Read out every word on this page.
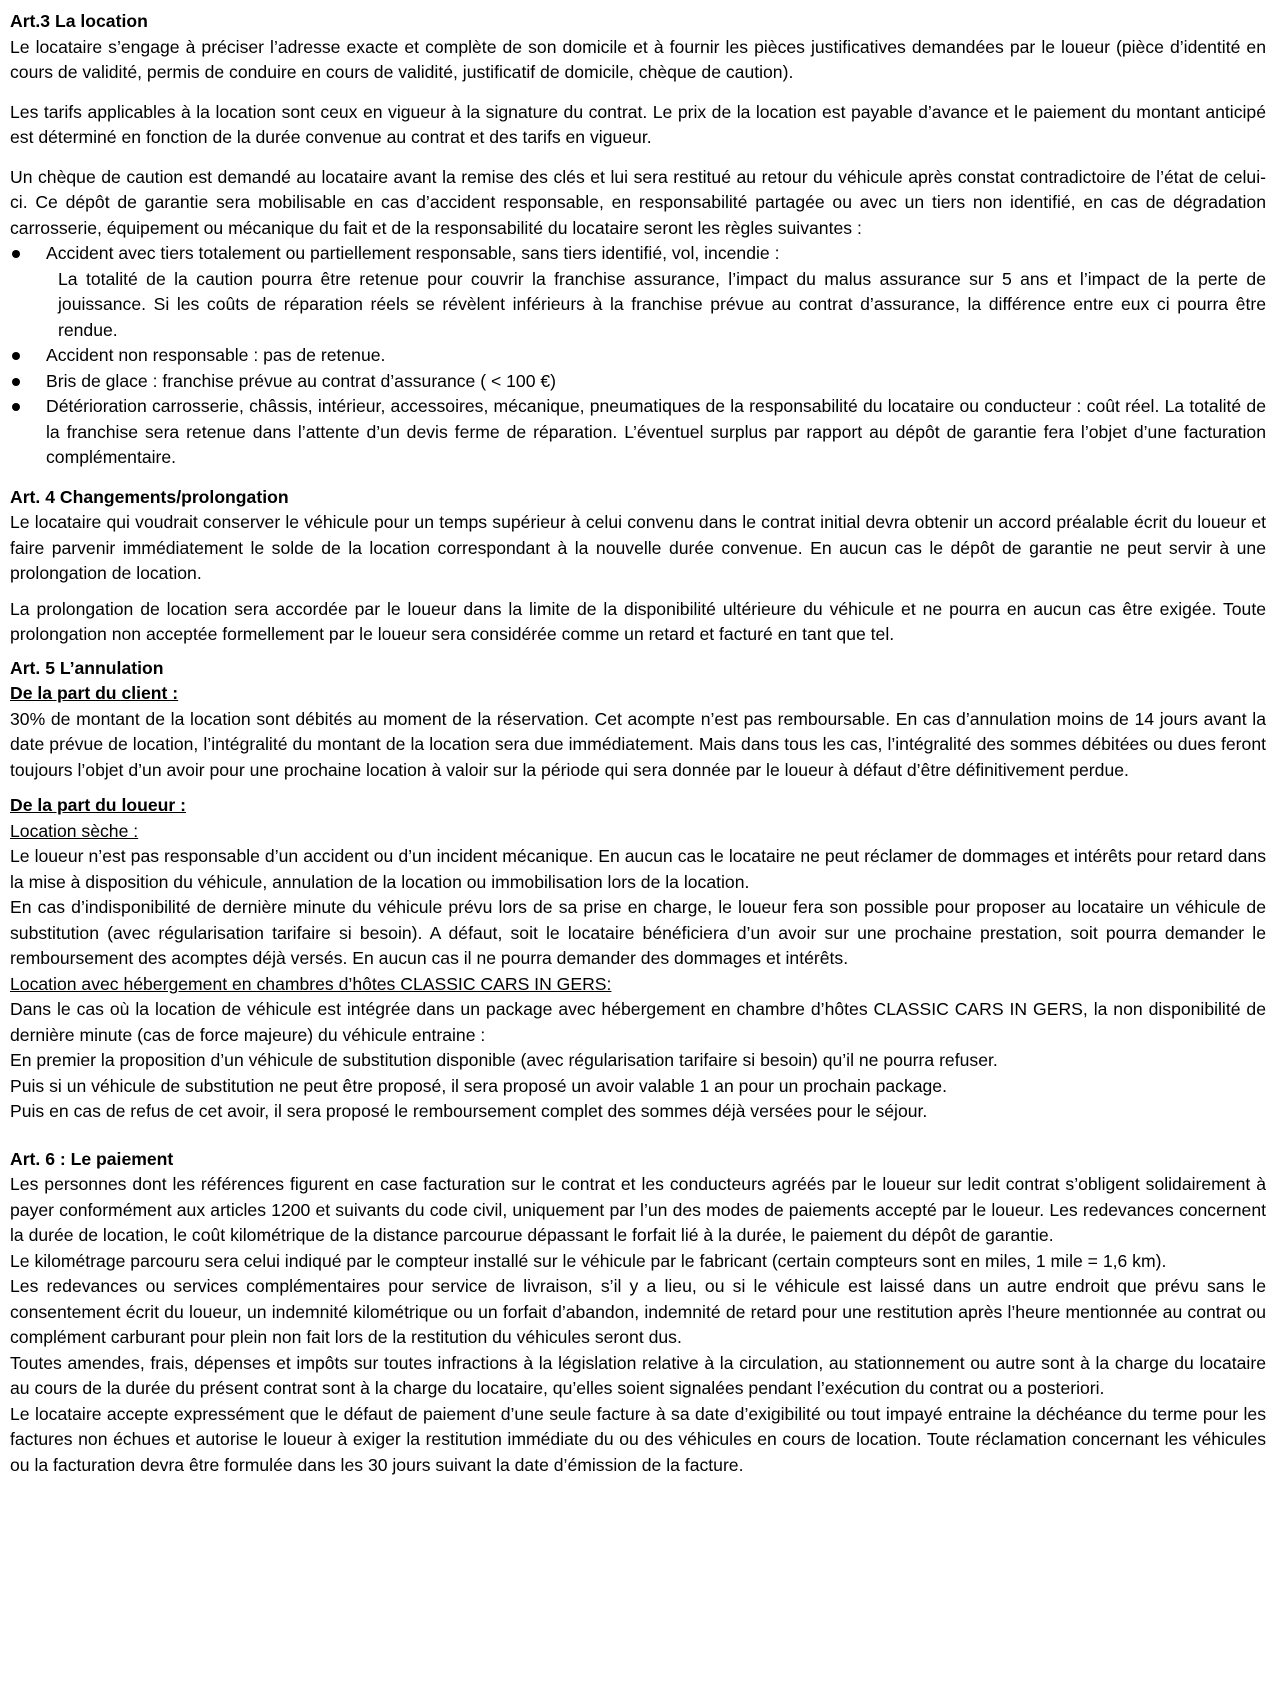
Art.3 La location

Le locataire s’engage à préciser l’adresse exacte et complète de son domicile et à fournir les pièces justificatives demandées par le loueur (pièce d’identité en cours de validité, permis de conduire en cours de validité, justificatif de domicile, chèque de caution).

Les tarifs applicables à la location sont ceux en vigueur à la signature du contrat. Le prix de la location est payable d’avance et le paiement du montant anticipé est déterminé en fonction de la durée convenue au contrat et des tarifs en vigueur.

Un chèque de caution est demandé au locataire avant la remise des clés et lui sera restitué au retour du véhicule après constat contradictoire de l’état de celui-ci. Ce dépôt de garantie sera mobilisable en cas d’accident responsable, en responsabilité partagée ou avec un tiers non identifié, en cas de dégradation carrosserie, équipement ou mécanique du fait et de la responsabilité du locataire seront les règles suivantes :

Accident avec tiers totalement ou partiellement responsable, sans tiers identifié, vol, incendie :

La totalité de la caution pourra être retenue pour couvrir la franchise assurance, l’impact du malus assurance sur 5 ans et l’impact de la perte de jouissance. Si les coûts de réparation réels se révèlent inférieurs à la franchise prévue au contrat d’assurance, la différence entre eux ci pourra être rendue.

Accident non responsable : pas de retenue.
Bris de glace : franchise prévue au contrat d’assurance ( < 100 €)
Détérioration carrosserie, châssis, intérieur, accessoires, mécanique, pneumatiques de la responsabilité du locataire ou conducteur : coût réel. La totalité de la franchise sera retenue dans l’attente d’un devis ferme de réparation. L’éventuel surplus par rapport au dépôt de garantie fera l’objet d’une facturation complémentaire.

Art. 4 Changements/prolongation

Le locataire qui voudrait conserver le véhicule pour un temps supérieur à celui convenu dans le contrat initial devra obtenir un accord préalable écrit du loueur et faire parvenir immédiatement le solde de la location correspondant à la nouvelle durée convenue. En aucun cas le dépôt de garantie ne peut servir à une prolongation de location.

La prolongation de location sera accordée par le loueur dans la limite de la disponibilité ultérieure du véhicule et ne pourra en aucun cas être exigée. Toute prolongation non acceptée formellement par le loueur sera considérée comme un retard et facturé en tant que tel.

Art. 5 L’annulation

De la part du client :

30% de montant de la location sont débités au moment de la réservation. Cet acompte n’est pas remboursable. En cas d’annulation moins de 14 jours avant la date prévue de location, l’intégralité du montant de la location sera due immédiatement. Mais dans tous les cas, l’intégralité des sommes débitées ou dues feront toujours l’objet d’un avoir pour une prochaine location à valoir sur la période qui sera donnée par le loueur à défaut d’être définitivement perdue.

De la part du loueur :

Location sèche :

Le loueur n’est pas responsable d’un accident ou d’un incident mécanique. En aucun cas le locataire ne peut réclamer de dommages et intérêts pour retard dans la mise à disposition du véhicule, annulation de la location ou immobilisation lors de la location.

En cas d’indisponibilité de dernière minute du véhicule prévu lors de sa prise en charge, le loueur fera son possible pour proposer au locataire un véhicule de substitution (avec régularisation tarifaire si besoin). A défaut, soit le locataire bénéficiera d’un avoir sur une prochaine prestation, soit pourra demander le remboursement des acomptes déjà versés. En aucun cas il ne pourra demander des dommages et intérêts.

Location avec hébergement en chambres d’hôtes CLASSIC CARS IN GERS:

Dans le cas où la location de véhicule est intégrée dans un package avec hébergement en chambre d’hôtes CLASSIC CARS IN GERS, la non disponibilité de dernière minute (cas de force majeure) du véhicule entraine :

En premier la proposition d’un véhicule de substitution disponible (avec régularisation tarifaire si besoin) qu’il ne pourra refuser.

Puis si un véhicule de substitution ne peut être proposé, il sera proposé un avoir valable 1 an pour un prochain package.

Puis en cas de refus de cet avoir, il sera proposé le remboursement complet des sommes déjà versées pour le séjour.

Art. 6 : Le paiement

Les personnes dont les références figurent en case facturation sur le contrat et les conducteurs agréés par le loueur sur ledit contrat s’obligent solidairement à payer conformément aux articles 1200 et suivants du code civil, uniquement par l’un des modes de paiements accepté par le loueur. Les redevances concernent la durée de location, le coût kilométrique de la distance parcourue dépassant le forfait lié à la durée, le paiement du dépôt de garantie.

Le kilométrage parcouru sera celui indiqué par le compteur installé sur le véhicule par le fabricant (certain compteurs sont en miles, 1 mile = 1,6 km).

Les redevances ou services complémentaires pour service de livraison, s’il y a lieu, ou si le véhicule est laissé dans un autre endroit que prévu sans le consentement écrit du loueur, un indemnité kilométrique ou un forfait d’abandon, indemnité de retard pour une restitution après l’heure mentionnée au contrat ou complément carburant pour plein non fait lors de la restitution du véhicules seront dus.

Toutes amendes, frais, dépenses et impôts sur toutes infractions à la législation relative à la circulation, au stationnement ou autre sont à la charge du locataire au cours de la durée du présent contrat sont à la charge du locataire, qu’elles soient signalées pendant l’exécution du contrat ou a posteriori.

Le locataire accepte expressément que le défaut de paiement d’une seule facture à sa date d’exigibilité ou tout impayé entraine la déchéance du terme pour les factures non échues et autorise le loueur à exiger la restitution immédiate du ou des véhicules en cours de location. Toute réclamation concernant les véhicules ou la facturation devra être formulée dans les 30 jours suivant la date d’émission de la facture.
